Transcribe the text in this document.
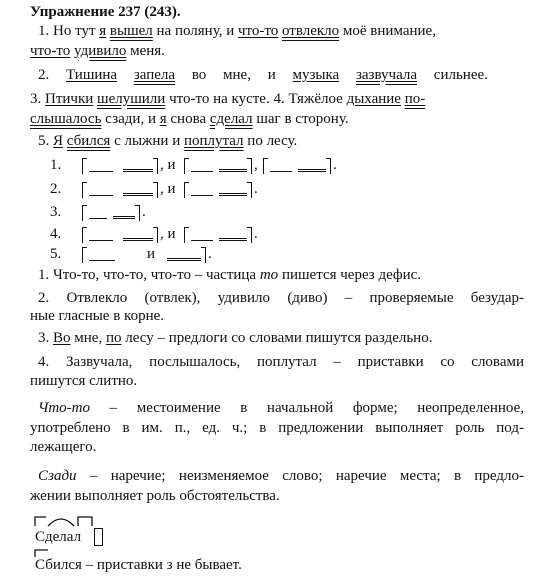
Упражнение 237 (243).
1. Но тут я вышел на поляну, и что-то отвлекло моё внимание,
что-то удивило меня.
2. Тишина запела во мне, и музыка зазвучала сильнее.
3. Птички шелушили что-то на кусте. 4. Тяжёлое дыхание по-
слышалось сзади, и я снова сделал шаг в сторону.
5. Я сбился с лыжни и поплутал по лесу.
1.	, и	,	.
2.	, и	.
3.	.
4.	, и	.
5.	и	.
1. Что-то, что-то, что-то – частица то пишется через дефис.
2. Отвлекло (отвлек), удивило (диво) – проверяемые безудар-
ные гласные в корне.
3. Во мне, по лесу – предлоги со словами пишутся раздельно.
4. Зазвучала, послышалось, поплутал – приставки со словами
пишутся слитно.
Что-то – местоимение в начальной форме; неопределенное,
употреблено в им. п., ед. ч.; в предложении выполняет роль под-
лежащего.
Сзади – наречие; неизменяемое слово; наречие места; в предло-
жении выполняет роль обстоятельства.
Сделал
Сбился – приставки з не бывает.
